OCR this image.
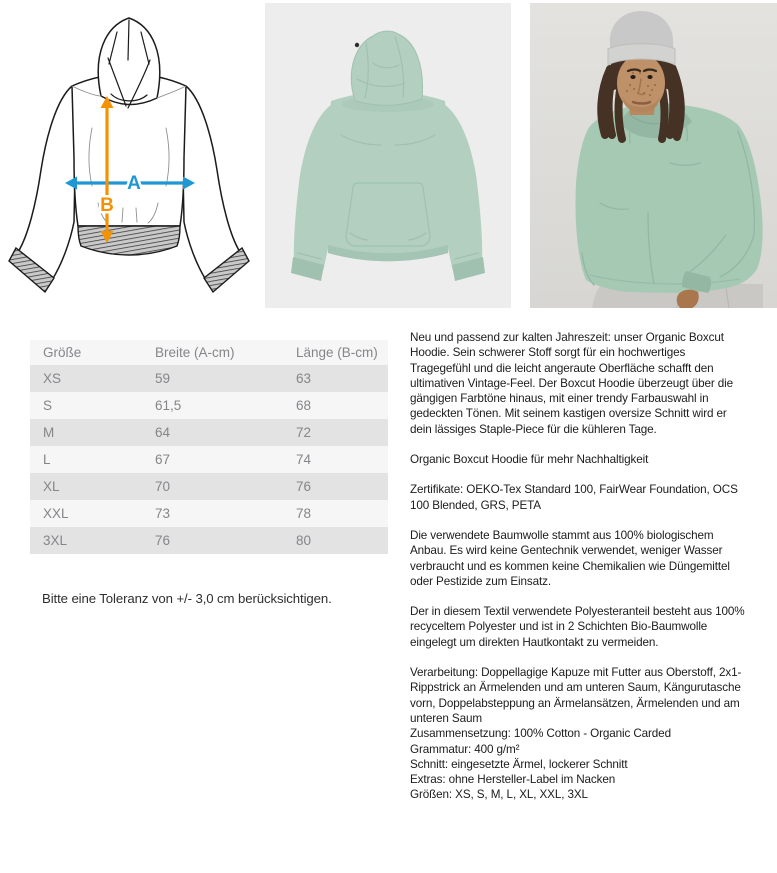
A
B
Größe	Breite (A-cm)	Länge (B-cm)
XS	59	63
S	61,5	68
M	64	72
L	67	74
XL	70	76
XXL	73	78
3XL	76	80

Bitte eine Toleranz von +/- 3,0 cm berücksichtigen.

Neu und passend zur kalten Jahreszeit: unser Organic Boxcut Hoodie. Sein schwerer Stoff sorgt für ein hochwertiges Tragegefühl und die leicht angeraute Oberfläche schafft den ultimativen Vintage-Feel. Der Boxcut Hoodie überzeugt über die gängigen Farbtöne hinaus, mit einer trendy Farbauswahl in gedeckten Tönen. Mit seinem kastigen oversize Schnitt wird er dein lässiges Staple-Piece für die kühleren Tage.

Organic Boxcut Hoodie für mehr Nachhaltigkeit

Zertifikate: OEKO-Tex Standard 100, FairWear Foundation, OCS 100 Blended, GRS, PETA

Die verwendete Baumwolle stammt aus 100% biologischem Anbau. Es wird keine Gentechnik verwendet, weniger Wasser verbraucht und es kommen keine Chemikalien wie Düngemittel oder Pestizide zum Einsatz.

Der in diesem Textil verwendete Polyesteranteil besteht aus 100% recyceltem Polyester und ist in 2 Schichten Bio-Baumwolle eingelegt um direkten Hautkontakt zu vermeiden.

Verarbeitung: Doppellagige Kapuze mit Futter aus Oberstoff, 2x1-Rippstrick an Ärmelenden und am unteren Saum, Kängurutasche vorn, Doppelabsteppung an Ärmelansätzen, Ärmelenden und am unteren Saum

Zusammensetzung: 100% Cotton - Organic Carded

Grammatur: 400 g/m²

Schnitt: eingesetzte Ärmel, lockerer Schnitt

Extras: ohne Hersteller-Label im Nacken

Größen: XS, S, M, L, XL, XXL, 3XL
